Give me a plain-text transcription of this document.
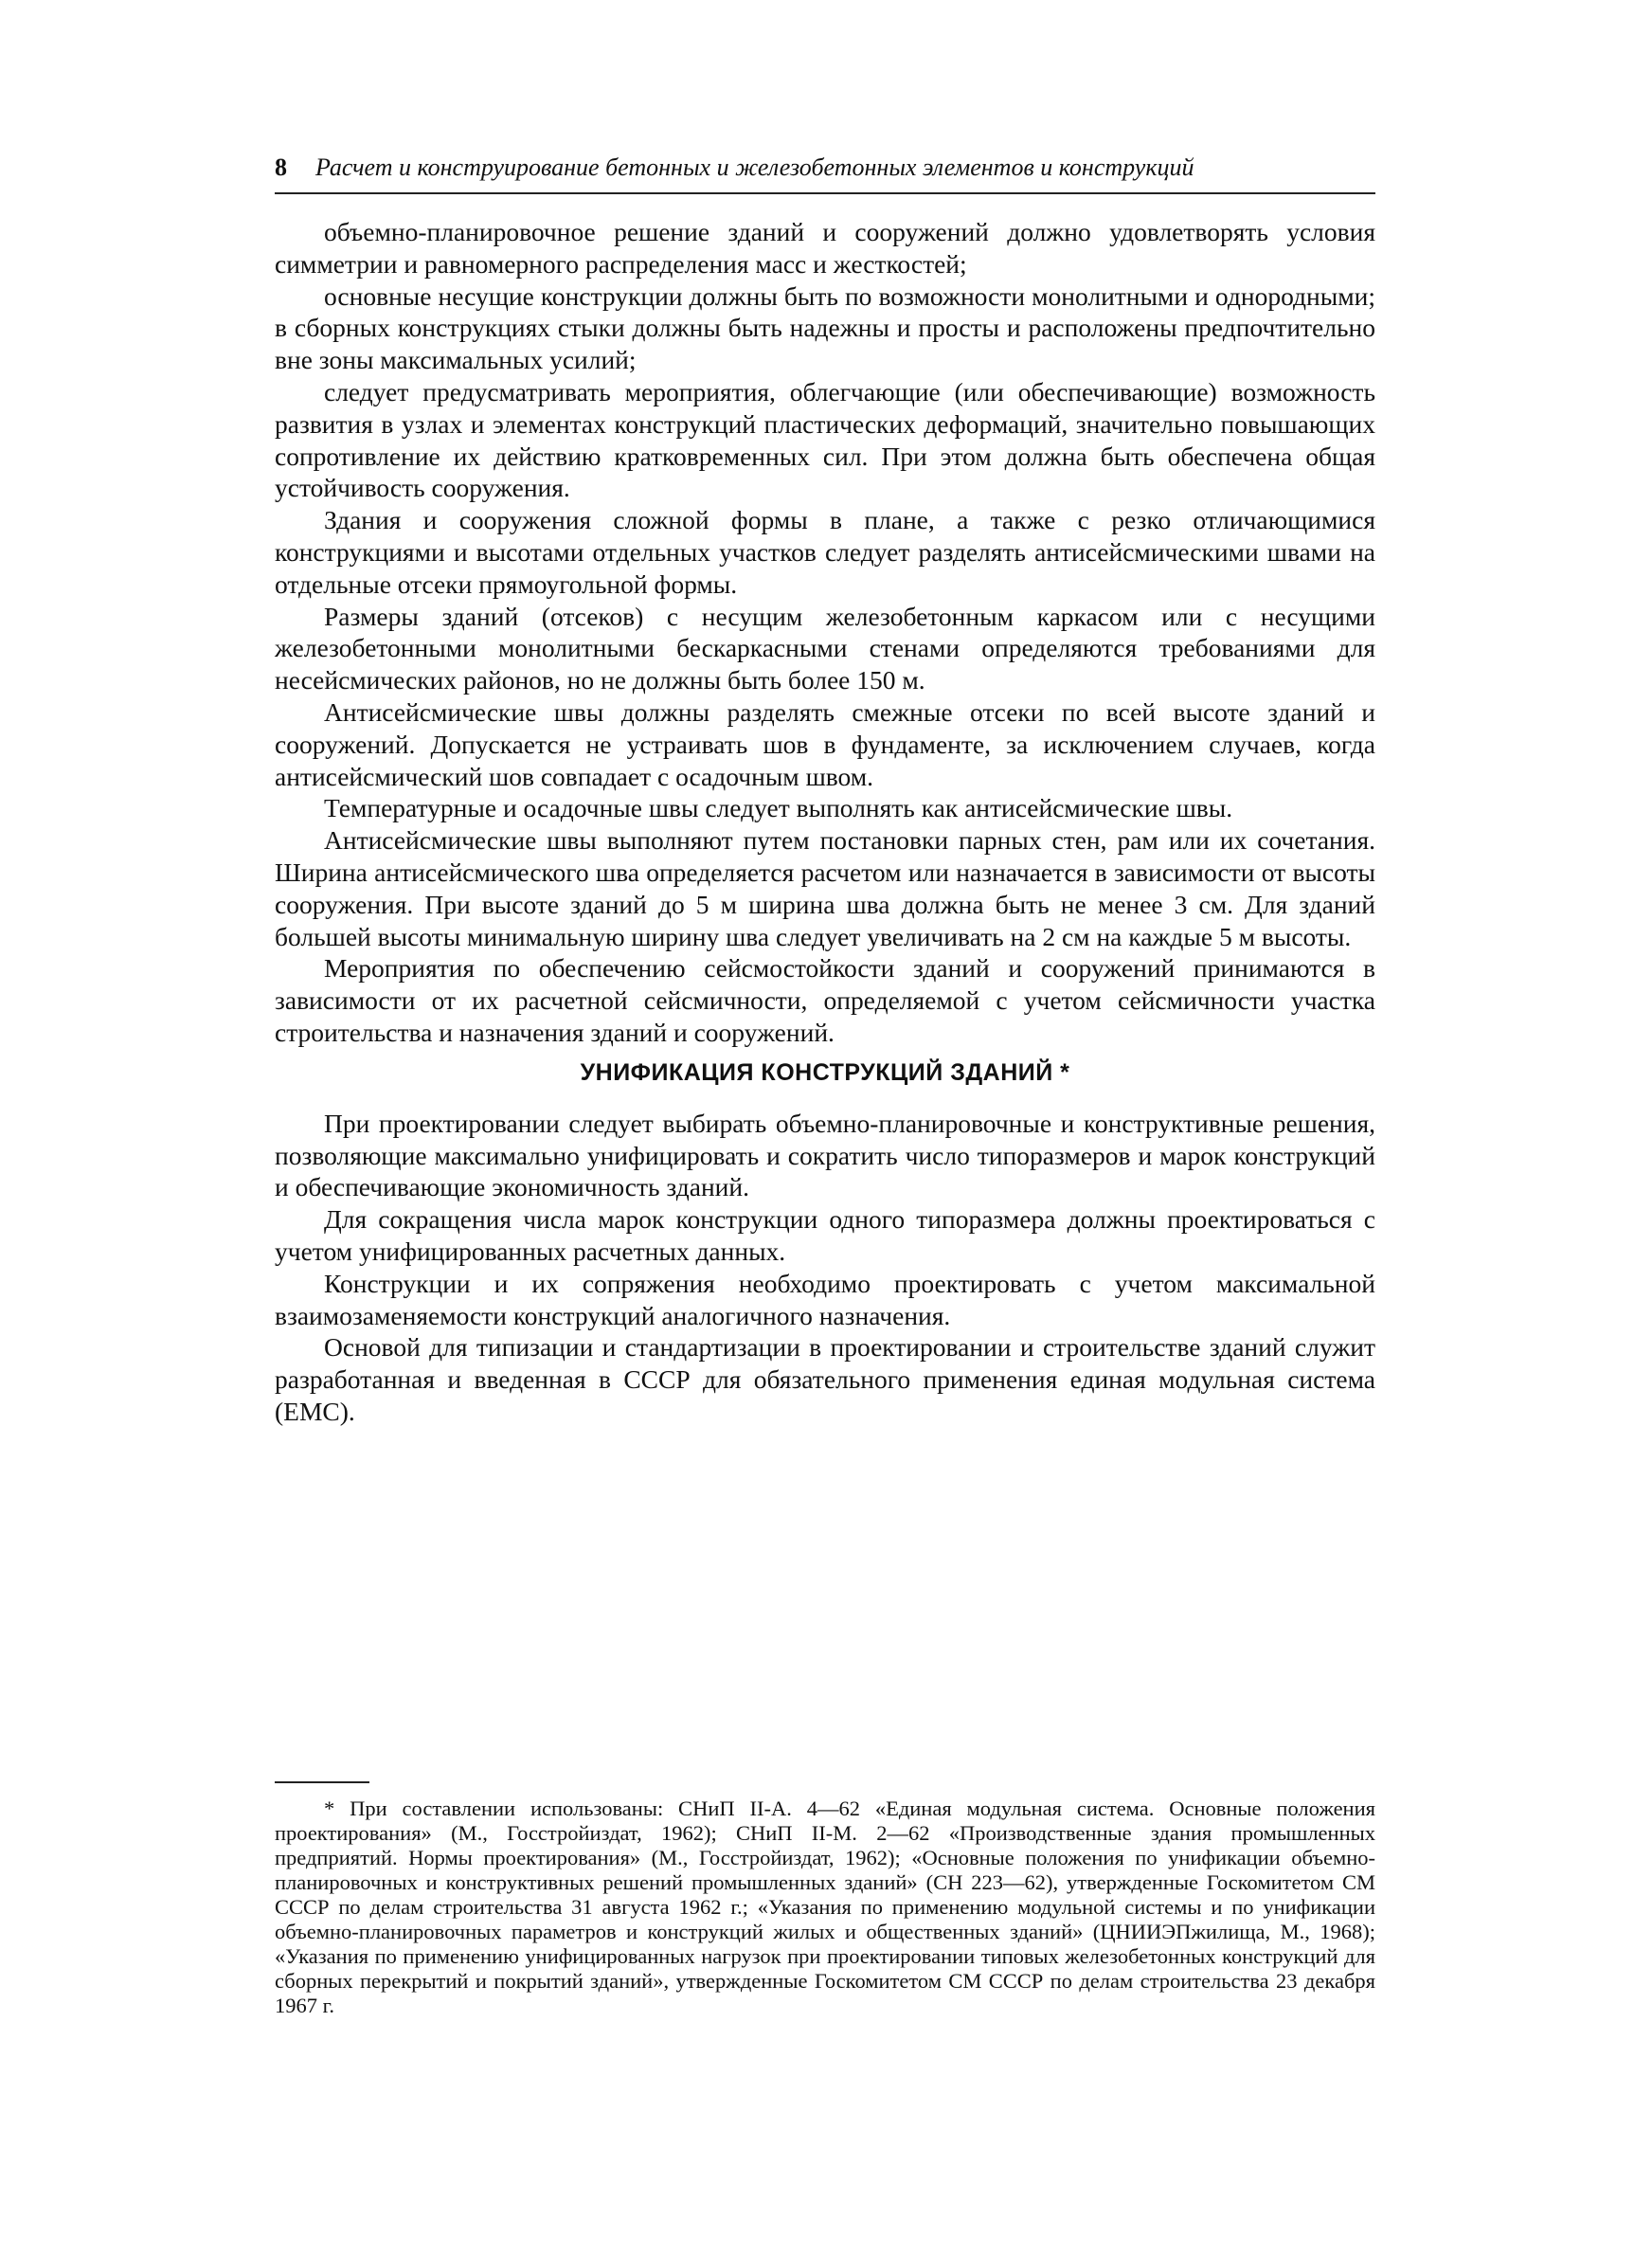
8 Расчет и конструирование бетонных и железобетонных элементов и конструкций

объемно-планировочное решение зданий и сооружений должно удовлетворять условия симметрии и равномерного распределения масс и жесткостей;

основные несущие конструкции должны быть по возможности монолитными и однородными; в сборных конструкциях стыки должны быть надежны и просты и расположены предпочтительно вне зоны максимальных усилий;

следует предусматривать мероприятия, облегчающие (или обеспечивающие) возможность развития в узлах и элементах конструкций пластических деформаций, значительно повышающих сопротивление их действию кратковременных сил. При этом должна быть обеспечена общая устойчивость сооружения.

Здания и сооружения сложной формы в плане, а также с резко отличающимися конструкциями и высотами отдельных участков следует разделять антисейсмическими швами на отдельные отсеки прямоугольной формы.

Размеры зданий (отсеков) с несущим железобетонным каркасом или с несущими железобетонными монолитными бескаркасными стенами определяются требованиями для несейсмических районов, но не должны быть более 150 м.

Антисейсмические швы должны разделять смежные отсеки по всей высоте зданий и сооружений. Допускается не устраивать шов в фундаменте, за исключением случаев, когда антисейсмический шов совпадает с осадочным швом.

Температурные и осадочные швы следует выполнять как антисейсмические швы.

Антисейсмические швы выполняют путем постановки парных стен, рам или их сочетания. Ширина антисейсмического шва определяется расчетом или назначается в зависимости от высоты сооружения. При высоте зданий до 5 м ширина шва должна быть не менее 3 см. Для зданий большей высоты минимальную ширину шва следует увеличивать на 2 см на каждые 5 м высоты.

Мероприятия по обеспечению сейсмостойкости зданий и сооружений принимаются в зависимости от их расчетной сейсмичности, определяемой с учетом сейсмичности участка строительства и назначения зданий и сооружений.

УНИФИКАЦИЯ КОНСТРУКЦИЙ ЗДАНИЙ *

При проектировании следует выбирать объемно-планировочные и конструктивные решения, позволяющие максимально унифицировать и сократить число типоразмеров и марок конструкций и обеспечивающие экономичность зданий.

Для сокращения числа марок конструкции одного типоразмера должны проектироваться с учетом унифицированных расчетных данных.

Конструкции и их сопряжения необходимо проектировать с учетом максимальной взаимозаменяемости конструкций аналогичного назначения.

Основой для типизации и стандартизации в проектировании и строительстве зданий служит разработанная и введенная в СССР для обязательного применения единая модульная система (ЕМС).

* При составлении использованы: СНиП II-А. 4—62 «Единая модульная система. Основные положения проектирования» (М., Госстройиздат, 1962); СНиП II-М. 2—62 «Производственные здания промышленных предприятий. Нормы проектирования» (М., Госстройиздат, 1962); «Основные положения по унификации объемно-планировочных и конструктивных решений промышленных зданий» (СН 223—62), утвержденные Госкомитетом СМ СССР по делам строительства 31 августа 1962 г.; «Указания по применению модульной системы и по унификации объемно-планировочных параметров и конструкций жилых и общественных зданий» (ЦНИИЭПжилища, М., 1968); «Указания по применению унифицированных нагрузок при проектировании типовых железобетонных конструкций для сборных перекрытий и покрытий зданий», утвержденные Госкомитетом СМ СССР по делам строительства 23 декабря 1967 г.
